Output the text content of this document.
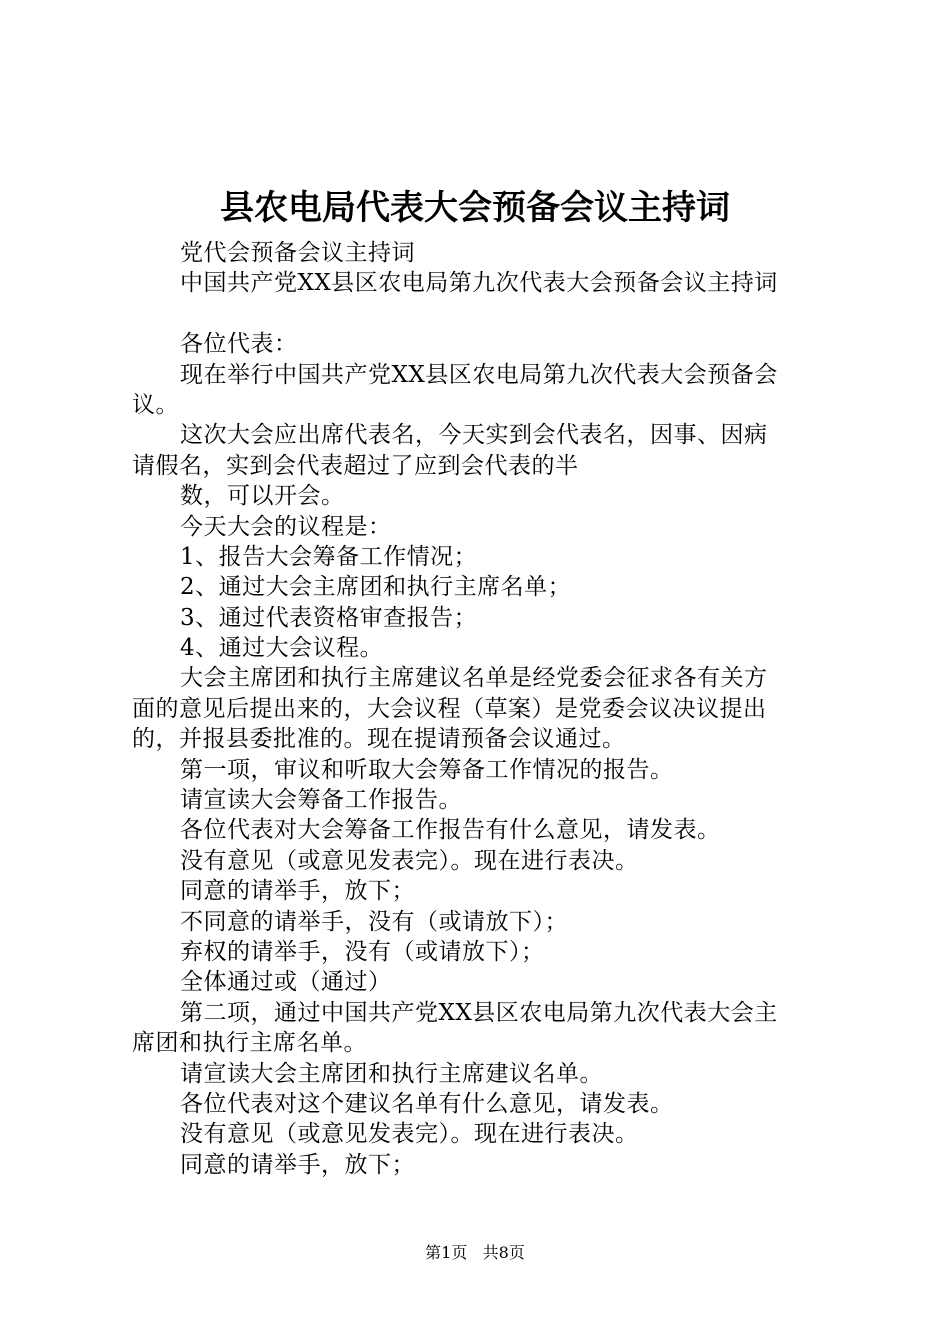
县农电局代表大会预备会议主持词

党代会预备会议主持词

中国共产党XX县区农电局第九次代表大会预备会议主持词

各位代表：

现在举行中国共产党XX县区农电局第九次代表大会预备会

议。

这次大会应出席代表名，今天实到会代表名，因事、因病

请假名，实到会代表超过了应到会代表的半

数，可以开会。

今天大会的议程是：

1、报告大会筹备工作情况；

2、通过大会主席团和执行主席名单；

3、通过代表资格审查报告；

4、通过大会议程。

大会主席团和执行主席建议名单是经党委会征求各有关方

面的意见后提出来的，大会议程（草案）是党委会议决议提出

的，并报县委批准的。现在提请预备会议通过。

第一项，审议和听取大会筹备工作情况的报告。

请宣读大会筹备工作报告。

各位代表对大会筹备工作报告有什么意见，请发表。

没有意见（或意见发表完）。现在进行表决。

同意的请举手，放下；

不同意的请举手，没有（或请放下）；

弃权的请举手，没有（或请放下）；

全体通过或（通过）

第二项，通过中国共产党XX县区农电局第九次代表大会主

席团和执行主席名单。

请宣读大会主席团和执行主席建议名单。

各位代表对这个建议名单有什么意见，请发表。

没有意见（或意见发表完）。现在进行表决。

同意的请举手，放下；

第1页 共8页
